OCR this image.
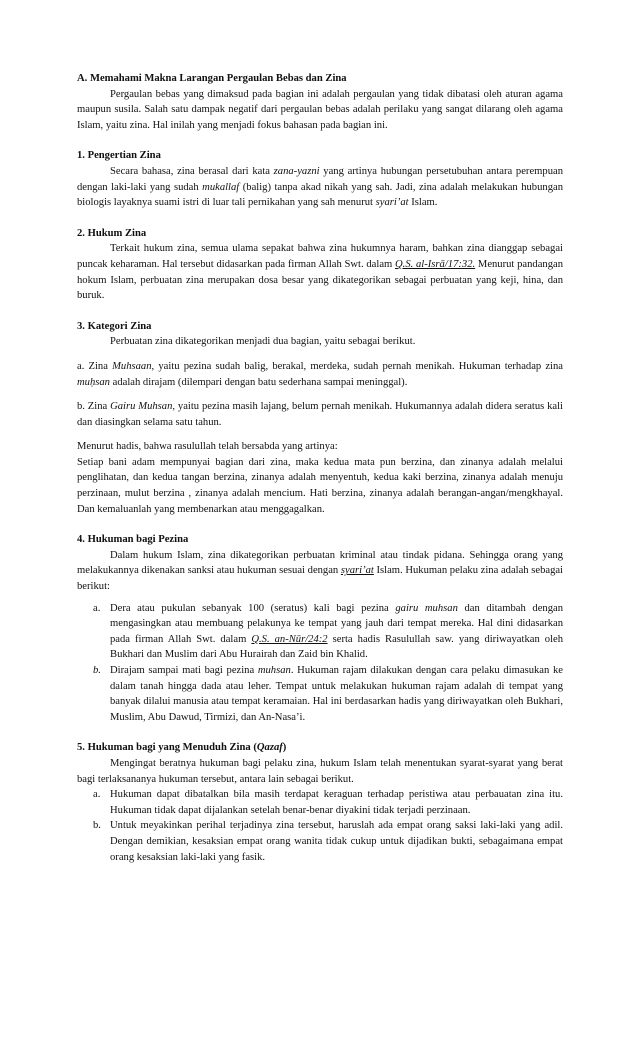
A. Memahami Makna Larangan Pergaulan Bebas dan Zina

Pergaulan bebas yang dimaksud pada bagian ini adalah pergaulan yang tidak dibatasi oleh aturan agama maupun susila. Salah satu dampak negatif dari pergaulan bebas adalah perilaku yang sangat dilarang oleh agama Islam, yaitu zina. Hal inilah yang menjadi fokus bahasan pada bagian ini.

1. Pengertian Zina

Secara bahasa, zina berasal dari kata zana-yazni yang artinya hubungan persetubuhan antara perempuan dengan laki-laki yang sudah mukallaf (balig) tanpa akad nikah yang sah. Jadi, zina adalah melakukan hubungan biologis layaknya suami istri di luar tali pernikahan yang sah menurut syari’at Islam.

2. Hukum Zina

Terkait hukum zina, semua ulama sepakat bahwa zina hukumnya haram, bahkan zina dianggap sebagai puncak keharaman. Hal tersebut didasarkan pada firman Allah Swt. dalam Q.S. al-Isrā/17:32. Menurut pandangan hokum Islam, perbuatan zina merupakan dosa besar yang dikategorikan sebagai perbuatan yang keji, hina, dan buruk.

3. Kategori Zina

Perbuatan zina dikategorikan menjadi dua bagian, yaitu sebagai berikut.

a. Zina Muhsaan, yaitu pezina sudah balig, berakal, merdeka, sudah pernah menikah. Hukuman terhadap zina muḥsan adalah dirajam (dilempari dengan batu sederhana sampai meninggal).

b. Zina Gairu Muhsan, yaitu pezina masih lajang, belum pernah menikah. Hukumannya adalah didera seratus kali dan diasingkan selama satu tahun.

Menurut hadis, bahwa rasulullah telah bersabda yang artinya:

Setiap bani adam mempunyai bagian dari zina, maka kedua mata pun berzina, dan zinanya adalah melalui penglihatan, dan kedua tangan berzina, zinanya adalah menyentuh, kedua kaki berzina, zinanya adalah menuju perzinaan, mulut berzina , zinanya adalah mencium. Hati berzina, zinanya adalah berangan-angan/mengkhayal. Dan kemaluanlah yang membenarkan atau menggagalkan.

4. Hukuman bagi Pezina

Dalam hukum Islam, zina dikategorikan perbuatan kriminal atau tindak pidana. Sehingga orang yang melakukannya dikenakan sanksi atau hukuman sesuai dengan syari’at Islam. Hukuman pelaku zina adalah sebagai berikut:

a. Dera atau pukulan sebanyak 100 (seratus) kali bagi pezina gairu muhsan dan ditambah dengan mengasingkan atau membuang pelakunya ke tempat yang jauh dari tempat mereka. Hal dini didasarkan pada firman Allah Swt. dalam Q.S. an-Nūr/24:2 serta hadis Rasulullah saw. yang diriwayatkan oleh Bukhari dan Muslim dari Abu Hurairah dan Zaid bin Khalid.
b. Dirajam sampai mati bagi pezina muhsan. Hukuman rajam dilakukan dengan cara pelaku dimasukan ke dalam tanah hingga dada atau leher. Tempat untuk melakukan hukuman rajam adalah di tempat yang banyak dilalui manusia atau tempat keramaian. Hal ini berdasarkan hadis yang diriwayatkan oleh Bukhari, Muslim, Abu Dawud, Tirmizi, dan An-Nasa’i.

5. Hukuman bagi yang Menuduh Zina (Qazaf)

Mengingat beratnya hukuman bagi pelaku zina, hukum Islam telah menentukan syarat-syarat yang berat bagi terlaksananya hukuman tersebut, antara lain sebagai berikut.

a. Hukuman dapat dibatalkan bila masih terdapat keraguan terhadap peristiwa atau perbauatan zina itu. Hukuman tidak dapat dijalankan setelah benar-benar diyakini tidak terjadi perzinaan.
b. Untuk meyakinkan perihal terjadinya zina tersebut, haruslah ada empat orang saksi laki-laki yang adil. Dengan demikian, kesaksian empat orang wanita tidak cukup untuk dijadikan bukti, sebagaimana empat orang kesaksian laki-laki yang fasik.
